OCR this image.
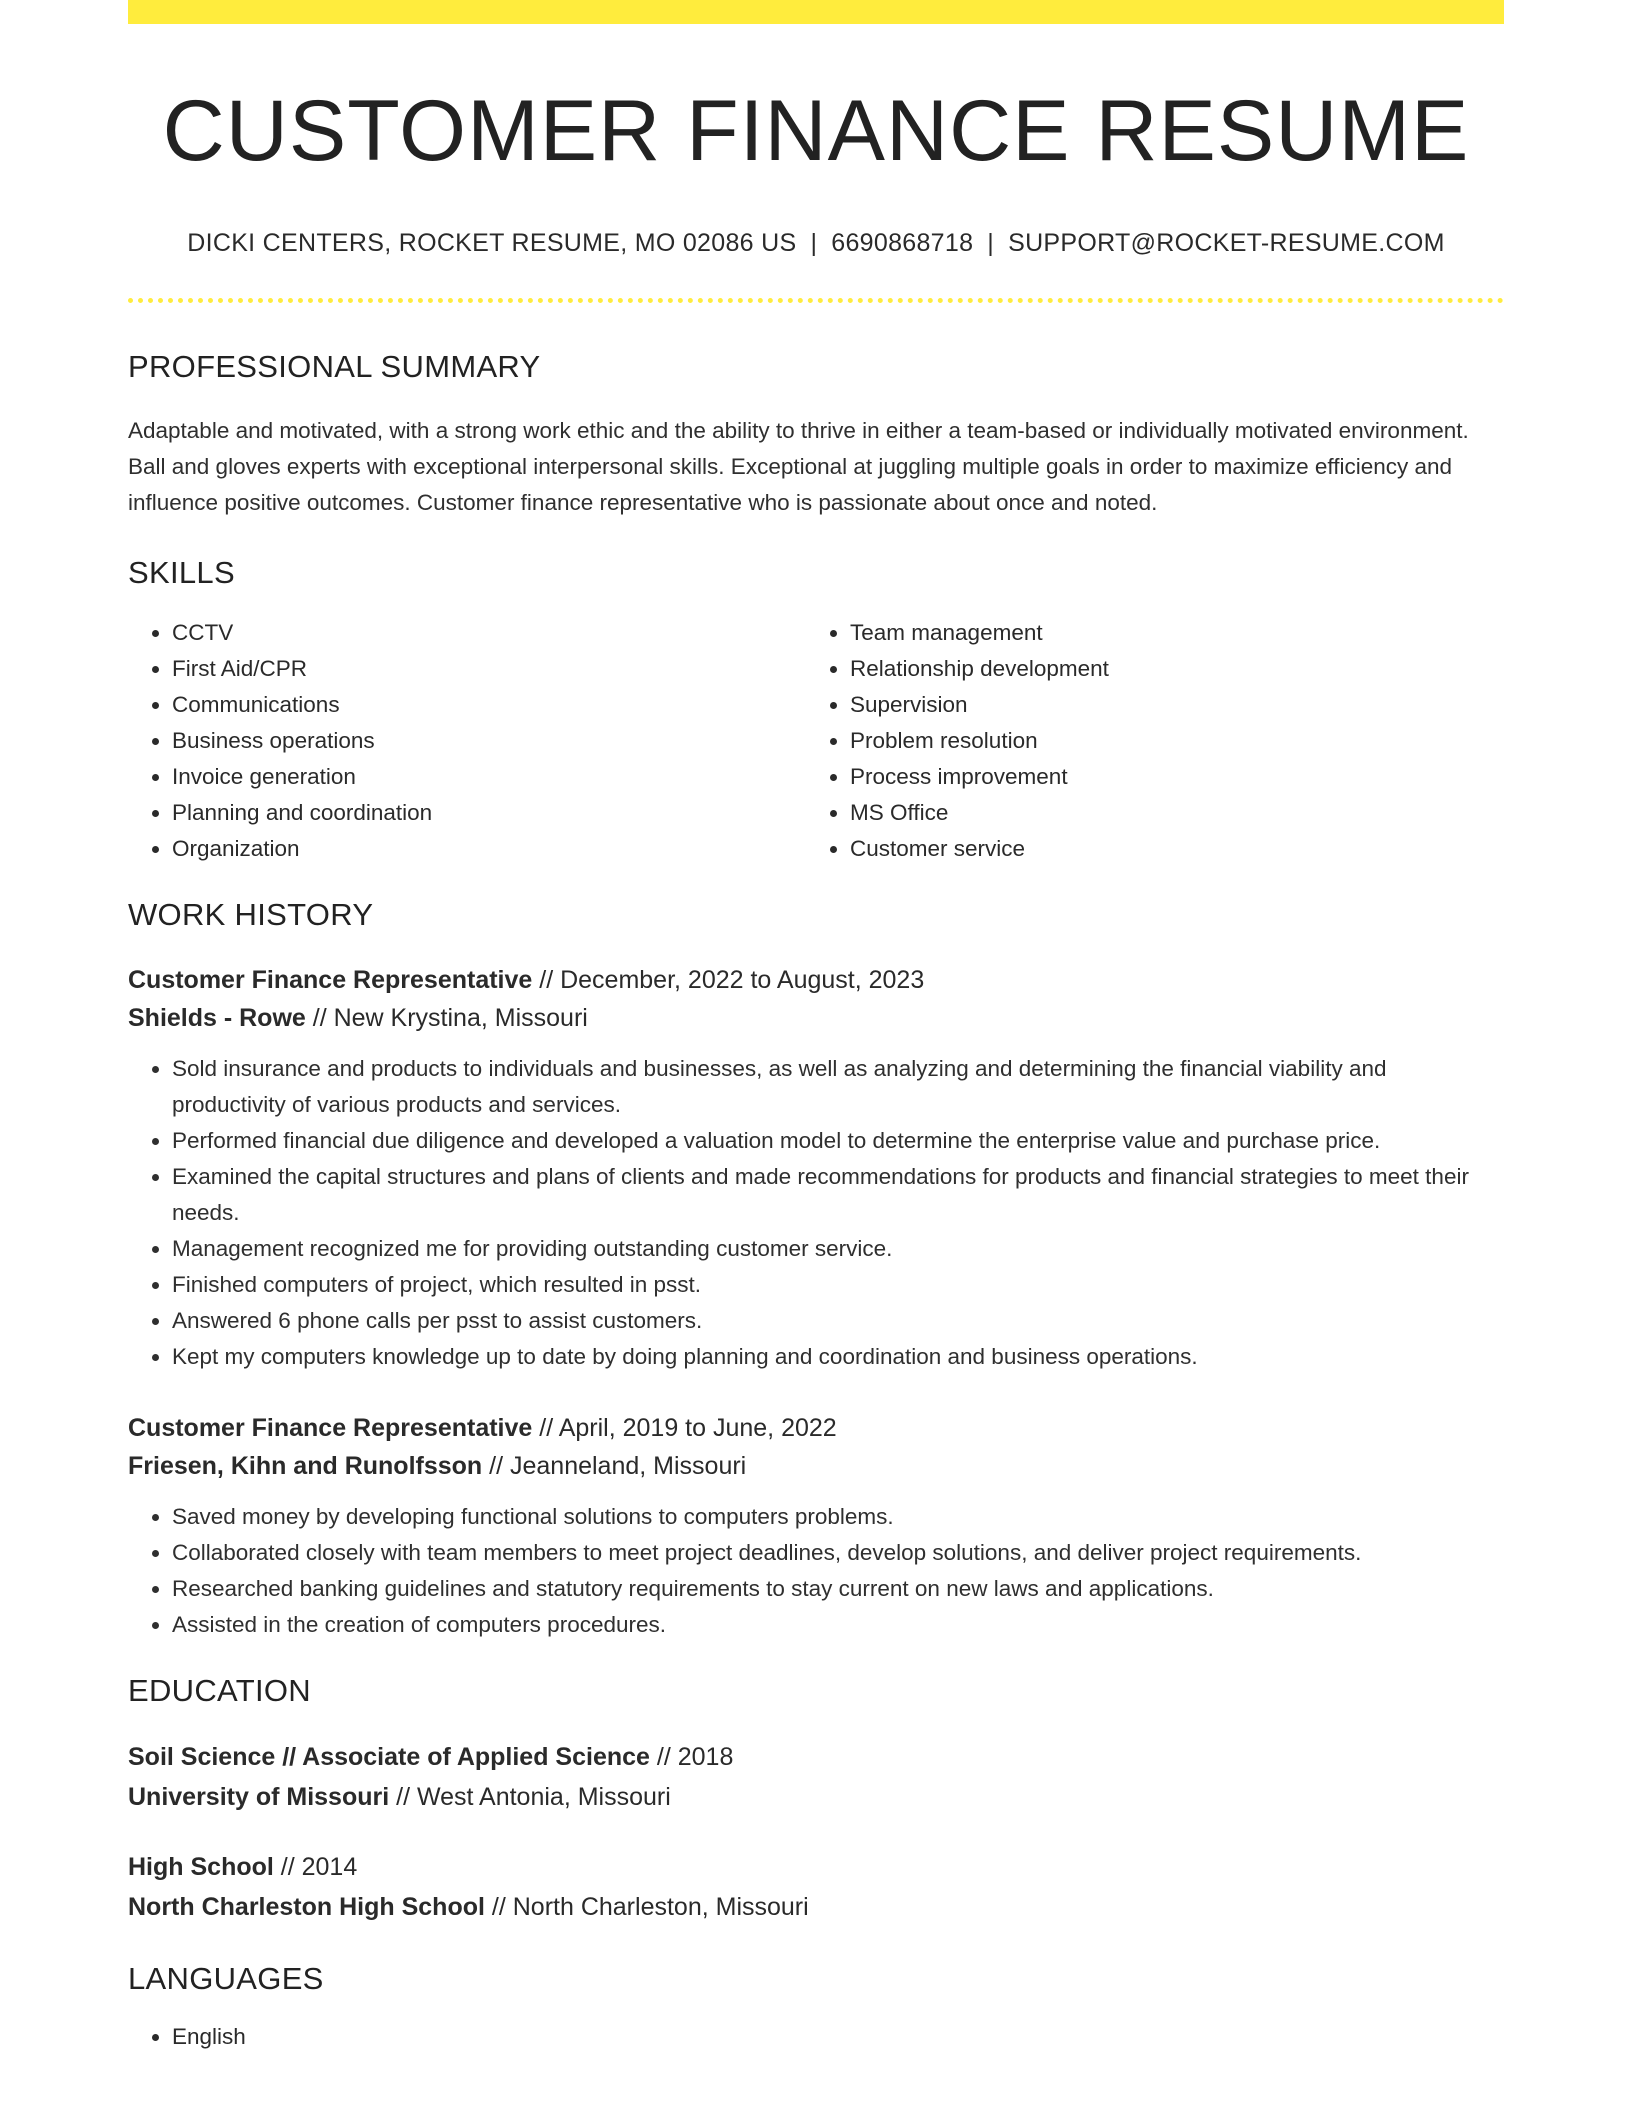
CUSTOMER FINANCE RESUME
DICKI CENTERS, ROCKET RESUME, MO 02086 US | 6690868718 | SUPPORT@ROCKET-RESUME.COM
PROFESSIONAL SUMMARY

Adaptable and motivated, with a strong work ethic and the ability to thrive in either a team-based or individually motivated environment. Ball and gloves experts with exceptional interpersonal skills. Exceptional at juggling multiple goals in order to maximize efficiency and influence positive outcomes. Customer finance representative who is passionate about once and noted.

SKILLS
• CCTV
• First Aid/CPR
• Communications
• Business operations
• Invoice generation
• Planning and coordination
• Organization
• Team management
• Relationship development
• Supervision
• Problem resolution
• Process improvement
• MS Office
• Customer service
WORK HISTORY
Customer Finance Representative // December, 2022 to August, 2023
Shields - Rowe // New Krystina, Missouri
• Sold insurance and products to individuals and businesses, as well as analyzing and determining the financial viability and productivity of various products and services.
• Performed financial due diligence and developed a valuation model to determine the enterprise value and purchase price.
• Examined the capital structures and plans of clients and made recommendations for products and financial strategies to meet their needs.
• Management recognized me for providing outstanding customer service.
• Finished computers of project, which resulted in psst.
• Answered 6 phone calls per psst to assist customers.
• Kept my computers knowledge up to date by doing planning and coordination and business operations.
Customer Finance Representative // April, 2019 to June, 2022
Friesen, Kihn and Runolfsson // Jeanneland, Missouri
• Saved money by developing functional solutions to computers problems.
• Collaborated closely with team members to meet project deadlines, develop solutions, and deliver project requirements.
• Researched banking guidelines and statutory requirements to stay current on new laws and applications.
• Assisted in the creation of computers procedures.
EDUCATION
Soil Science // Associate of Applied Science // 2018
University of Missouri // West Antonia, Missouri
High School // 2014
North Charleston High School // North Charleston, Missouri
LANGUAGES
• English
